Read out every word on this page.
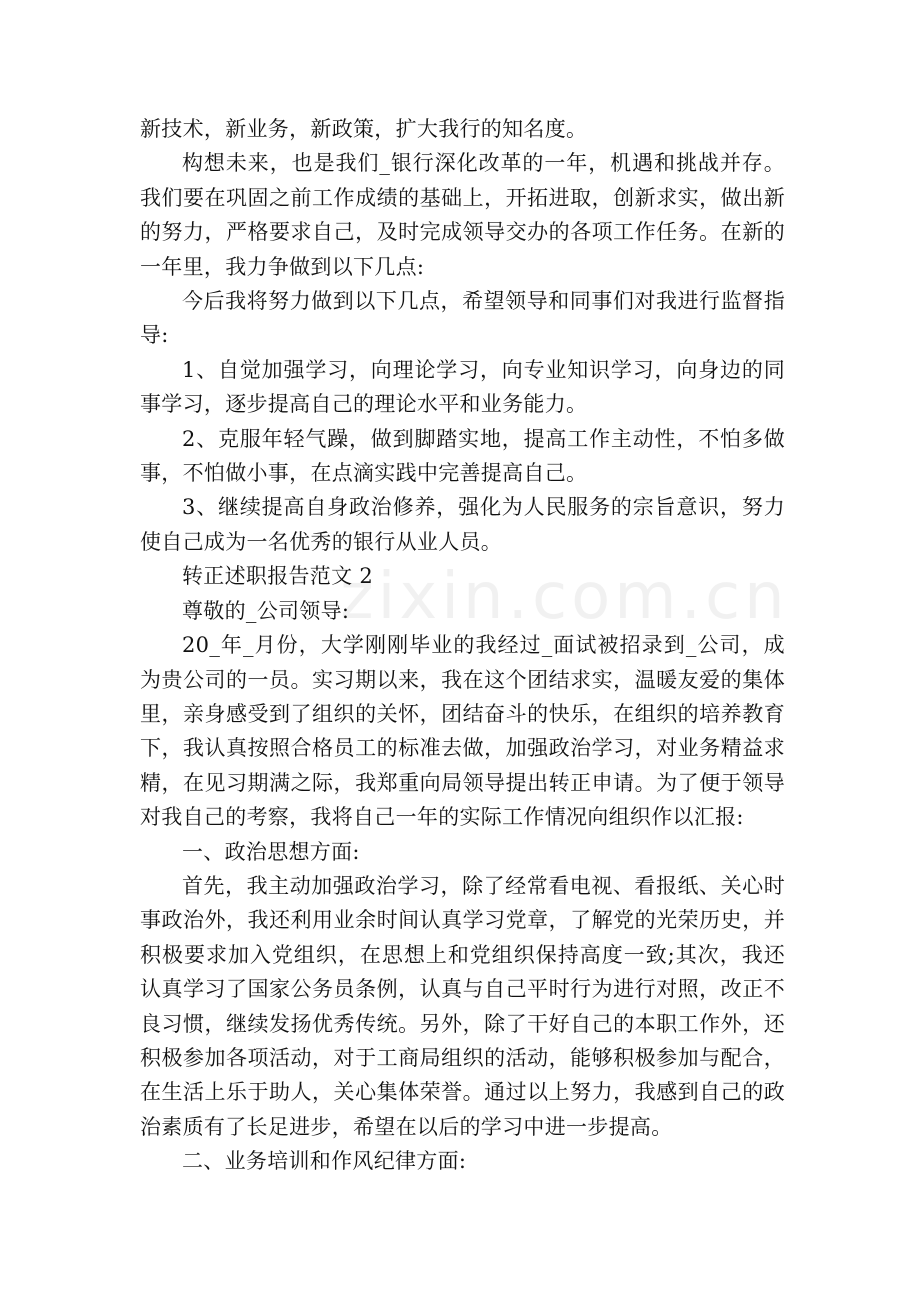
zixin.com.cn

新技术，新业务，新政策，扩大我行的知名度。

构想未来，也是我们_银行深化改革的一年，机遇和挑战并存。我们要在巩固之前工作成绩的基础上，开拓进取，创新求实，做出新的努力，严格要求自己，及时完成领导交办的各项工作任务。在新的一年里，我力争做到以下几点:

今后我将努力做到以下几点，希望领导和同事们对我进行监督指导:

1、自觉加强学习，向理论学习，向专业知识学习，向身边的同事学习，逐步提高自己的理论水平和业务能力。

2、克服年轻气躁，做到脚踏实地，提高工作主动性，不怕多做事，不怕做小事，在点滴实践中完善提高自己。

3、继续提高自身政治修养，强化为人民服务的宗旨意识，努力使自己成为一名优秀的银行从业人员。

转正述职报告范文 2

尊敬的_公司领导:

20_年_月份，大学刚刚毕业的我经过_面试被招录到_公司，成为贵公司的一员。实习期以来，我在这个团结求实，温暖友爱的集体里，亲身感受到了组织的关怀，团结奋斗的快乐，在组织的培养教育下，我认真按照合格员工的标准去做，加强政治学习，对业务精益求精，在见习期满之际，我郑重向局领导提出转正申请。为了便于领导对我自己的考察，我将自己一年的实际工作情况向组织作以汇报:

一、政治思想方面:

首先，我主动加强政治学习，除了经常看电视、看报纸、关心时事政治外，我还利用业余时间认真学习党章，了解党的光荣历史，并积极要求加入党组织，在思想上和党组织保持高度一致;其次，我还认真学习了国家公务员条例，认真与自己平时行为进行对照，改正不良习惯，继续发扬优秀传统。另外，除了干好自己的本职工作外，还积极参加各项活动，对于工商局组织的活动，能够积极参加与配合，在生活上乐于助人，关心集体荣誉。通过以上努力，我感到自己的政治素质有了长足进步，希望在以后的学习中进一步提高。

二、业务培训和作风纪律方面:
